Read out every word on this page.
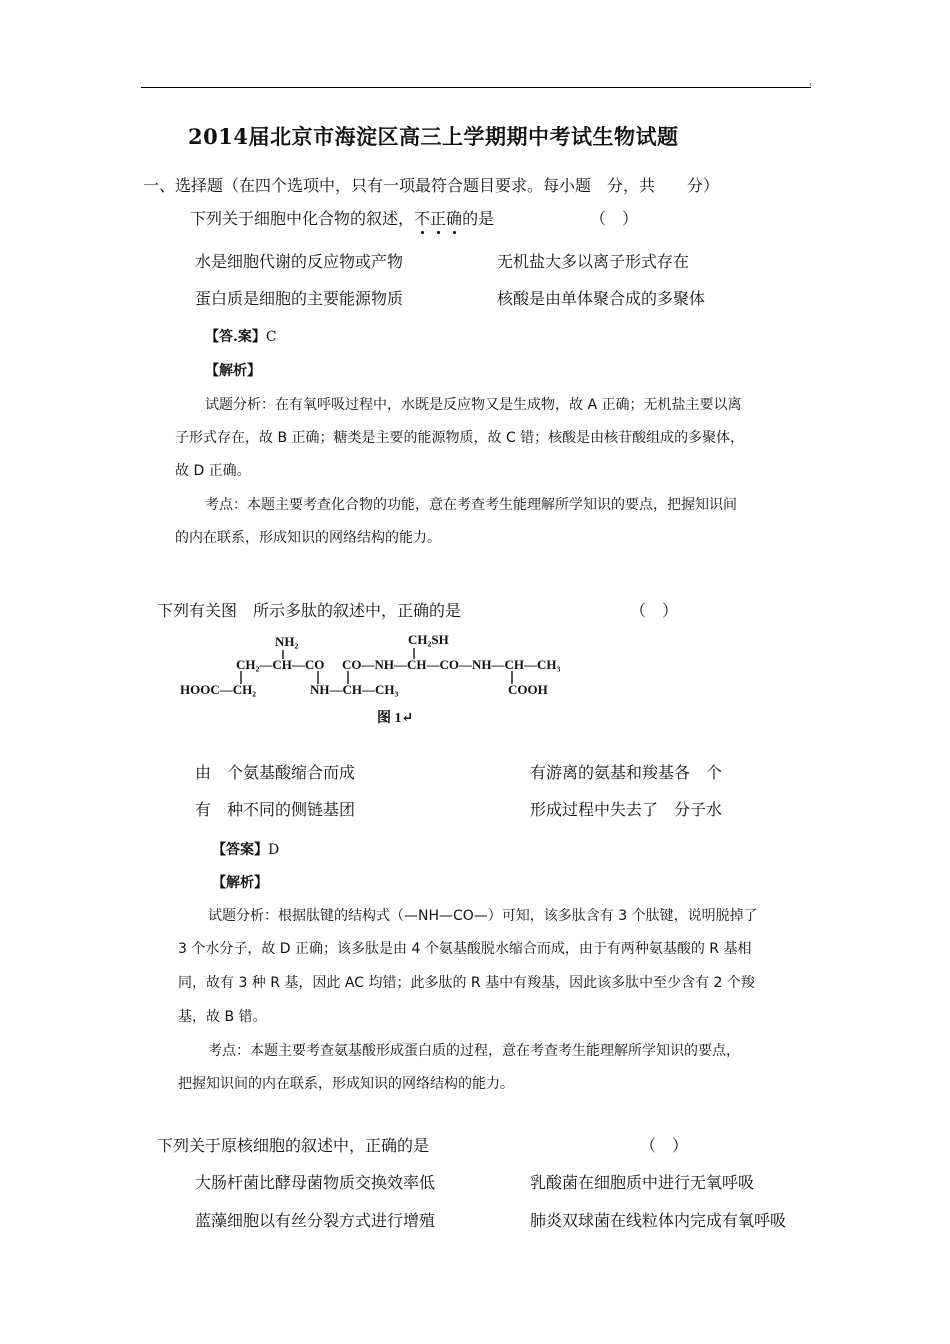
'
2014届北京市海淀区高三上学期期中考试生物试题
一、选择题（在四个选项中，只有一项最符合题目要求。每小题　分，共　　分）
下列关于细胞中化合物的叙述，不正确的是	（　）
水是细胞代谢的反应物或产物	无机盐大多以离子形式存在
蛋白质是细胞的主要能源物质	核酸是由单体聚合成的多聚体
【答.案】C
【解析】
试题分析：在有氧呼吸过程中，水既是反应物又是生成物，故 A 正确；无机盐主要以离
子形式存在，故 B 正确；糖类是主要的能源物质，故 C 错；核酸是由核苷酸组成的多聚体，
故 D 正确。
考点：本题主要考查化合物的功能，意在考查考生能理解所学知识的要点，把握知识间
的内在联系，形成知识的网络结构的能力。
下列有关图　所示多肽的叙述中，正确的是	（　）
NH₂	CH₂SH
CH₂—CH—CO CO—NH—CH—CO—NH—CH—CH₃
HOOC—CH₂	NH—CH—CH₃	COOH
图 1↵
由　个氨基酸缩合而成	有游离的氨基和羧基各　个
有　种不同的侧链基团	形成过程中失去了　分子水
【答案】D
【解析】
试题分析：根据肽键的结构式（—NH—CO—）可知，该多肽含有 3 个肽键，说明脱掉了
3 个水分子，故 D 正确；该多肽是由 4 个氨基酸脱水缩合而成，由于有两种氨基酸的 R 基相
同，故有 3 种 R 基，因此 AC 均错；此多肽的 R 基中有羧基，因此该多肽中至少含有 2 个羧
基，故 B 错。
考点：本题主要考查氨基酸形成蛋白质的过程，意在考查考生能理解所学知识的要点，
把握知识间的内在联系，形成知识的网络结构的能力。
下列关于原核细胞的叙述中，正确的是	（　）
大肠杆菌比酵母菌物质交换效率低	乳酸菌在细胞质中进行无氧呼吸
蓝藻细胞以有丝分裂方式进行增殖	肺炎双球菌在线粒体内完成有氧呼吸
